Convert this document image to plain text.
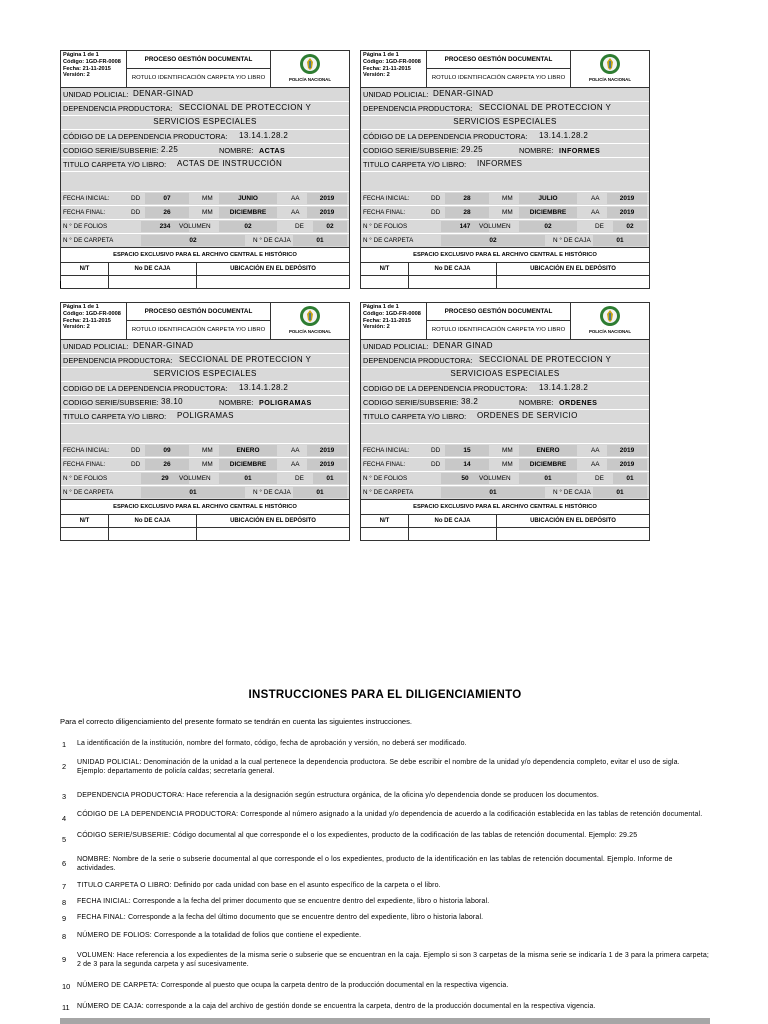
Página 1 de 1
Código: 1GD-FR-0008
Fecha: 21-11-2015
Versión: 2
PROCESO GESTIÓN DOCUMENTAL
ROTULO IDENTIFICACIÓN CARPETA Y/O LIBRO	POLICÍA NACIONAL
UNIDAD POLICIAL: DENAR-GINAD
DEPENDENCIA PRODUCTORA: SECCIONAL DE PROTECCION Y
SERVICIOS ESPECIALES
CÓDIGO DE LA DEPENDENCIA PRODUCTORA: 13.14.1.28.2
CODIGO SERIE/SUBSERIE: 2.25	NOMBRE: ACTAS
TITULO CARPETA Y/O LIBRO: ACTAS DE INSTRUCCIÓN
FECHA INICIAL:	DD	07	MM	JUNIO	AA	2019
FECHA FINAL:	DD	26	MM	DICIEMBRE	AA	2019
N ° DE FOLIOS	234	VOLUMEN	02	DE	02
N ° DE CARPETA	02	N ° DE CAJA	01
ESPACIO EXCLUSIVO PARA EL ARCHIVO CENTRAL E HISTÓRICO
N/T	No DE CAJA	UBICACIÓN EN EL DEPÓSITO
Página 1 de 1
Código: 1GD-FR-0008
Fecha: 21-11-2015
Versión: 2
PROCESO GESTIÓN DOCUMENTAL
ROTULO IDENTIFICACIÓN CARPETA Y/O LIBRO	POLICÍA NACIONAL
UNIDAD POLICIAL: DENAR-GINAD
DEPENDENCIA PRODUCTORA: SECCIONAL DE PROTECCION Y
SERVICIOS ESPECIALES
CÓDIGO DE LA DEPENDENCIA PRODUCTORA: 13.14.1.28.2
CODIGO SERIE/SUBSERIE: 29.25	NOMBRE: INFORMES
TITULO CARPETA Y/O LIBRO: INFORMES
FECHA INICIAL:	DD	28	MM	JULIO	AA	2019
FECHA FINAL:	DD	28	MM	DICIEMBRE	AA	2019
N ° DE FOLIOS	147	VOLUMEN	02	DE	02
N ° DE CARPETA	02	N ° DE CAJA	01
ESPACIO EXCLUSIVO PARA EL ARCHIVO CENTRAL E HISTÓRICO
N/T	No DE CAJA	UBICACIÓN EN EL DEPÓSITO
Página 1 de 1
Código: 1GD-FR-0008
Fecha: 21-11-2015
Versión: 2
PROCESO GESTIÓN DOCUMENTAL
ROTULO IDENTIFICACIÓN CARPETA Y/O LIBRO	POLICÍA NACIONAL
UNIDAD POLICIAL: DENAR-GINAD
DEPENDENCIA PRODUCTORA: SECCIONAL DE PROTECCION Y
SERVICIOS ESPECIALES
CODIGO DE LA DEPENDENCIA PRODUCTORA: 13.14.1.28.2
CODIGO SERIE/SUBSERIE: 38.10	NOMBRE: POLIGRAMAS
TITULO CARPETA Y/O LIBRO: POLIGRAMAS
FECHA INICIAL:	DD	09	MM	ENERO	AA	2019
FECHA FINAL:	DD	26	MM	DICIEMBRE	AA	2019
N ° DE FOLIOS	29	VOLUMEN	01	DE	01
N ° DE CARPETA	01	N ° DE CAJA	01
ESPACIO EXCLUSIVO PARA EL ARCHIVO CENTRAL E HISTÓRICO
N/T	No DE CAJA	UBICACIÓN EN EL DEPÓSITO
Página 1 de 1
Código: 1GD-FR-0008
Fecha: 21-11-2015
Versión: 2
PROCESO GESTIÓN DOCUMENTAL
ROTULO IDENTIFICACIÓN CARPETA Y/O LIBRO	POLICÍA NACIONAL
UNIDAD POLICIAL: DENAR GINAD
DEPENDENCIA PRODUCTORA: SECCIONAL DE PROTECCION Y
SERVICIOAS ESPECIALES
CODIGO DE LA DEPENDENCIA PRODUCTORA: 13.14.1.28.2
CODIGO SERIE/SUBSERIE: 38.2	NOMBRE: ORDENES
TITULO CARPETA Y/O LIBRO: ORDENES DE SERVICIO
FECHA INICIAL:	DD	15	MM	ENERO	AA	2019
FECHA FINAL:	DD	14	MM	DICIEMBRE	AA	2019
N ° DE FOLIOS	50	VOLUMEN	01	DE	01
N ° DE CARPETA	01	N ° DE CAJA	01
ESPACIO EXCLUSIVO PARA EL ARCHIVO CENTRAL E HISTÓRICO
N/T	No DE CAJA	UBICACIÓN EN EL DEPÓSITO
INSTRUCCIONES PARA EL DILIGENCIAMIENTO
Para el correcto diligenciamiento del presente formato se tendrán en cuenta las siguientes instrucciones.
1 La identificación de la institución, nombre del formato, código, fecha de aprobación y versión, no deberá ser modificado.
2 UNIDAD POLICIAL: Denominación de la unidad a la cual pertenece la dependencia productora. Se debe escribir el nombre de la unidad y/o dependencia completo, evitar el uso de sigla. Ejemplo: departamento de policía caldas; secretaría general.
3 DEPENDENCIA PRODUCTORA: Hace referencia a la designación según estructura orgánica, de la oficina y/o dependencia donde se producen los documentos.
4 CÓDIGO DE LA DEPENDENCIA PRODUCTORA: Corresponde al número asignado a la unidad y/o dependencia de acuerdo a la codificación establecida en las tablas de retención documental.
5 CÓDIGO SERIE/SUBSERIE: Código documental al que corresponde el o los expedientes, producto de la codificación de las tablas de retención documental. Ejemplo: 29.25
6 NOMBRE: Nombre de la serie o subserie documental al que corresponde el o los expedientes, producto de la identificación en las tablas de retención documental. Ejemplo. Informe de actividades.
7 TITULO CARPETA O LIBRO: Definido por cada unidad con base en el asunto específico de la carpeta o el libro.
8 FECHA INICIAL: Corresponde a la fecha del primer documento que se encuentre dentro del expediente, libro o historia laboral.
9 FECHA FINAL: Corresponde a la fecha del último documento que se encuentre dentro del expediente, libro o historia laboral.
8 NÚMERO DE FOLIOS: Corresponde a la totalidad de folios que contiene el expediente.
9 VOLUMEN: Hace referencia a los expedientes de la misma serie o subserie que se encuentran en la caja. Ejemplo si son 3 carpetas de la misma serie se indicaría 1 de 3 para la primera carpeta; 2 de 3 para la segunda carpeta y así sucesivamente.
10 NÚMERO DE CARPETA: Corresponde al puesto que ocupa la carpeta dentro de la producción documental en la respectiva vigencia.
11 NÚMERO DE CAJA: corresponde a la caja del archivo de gestión donde se encuentra la carpeta, dentro de la producción documental en la respectiva vigencia.
